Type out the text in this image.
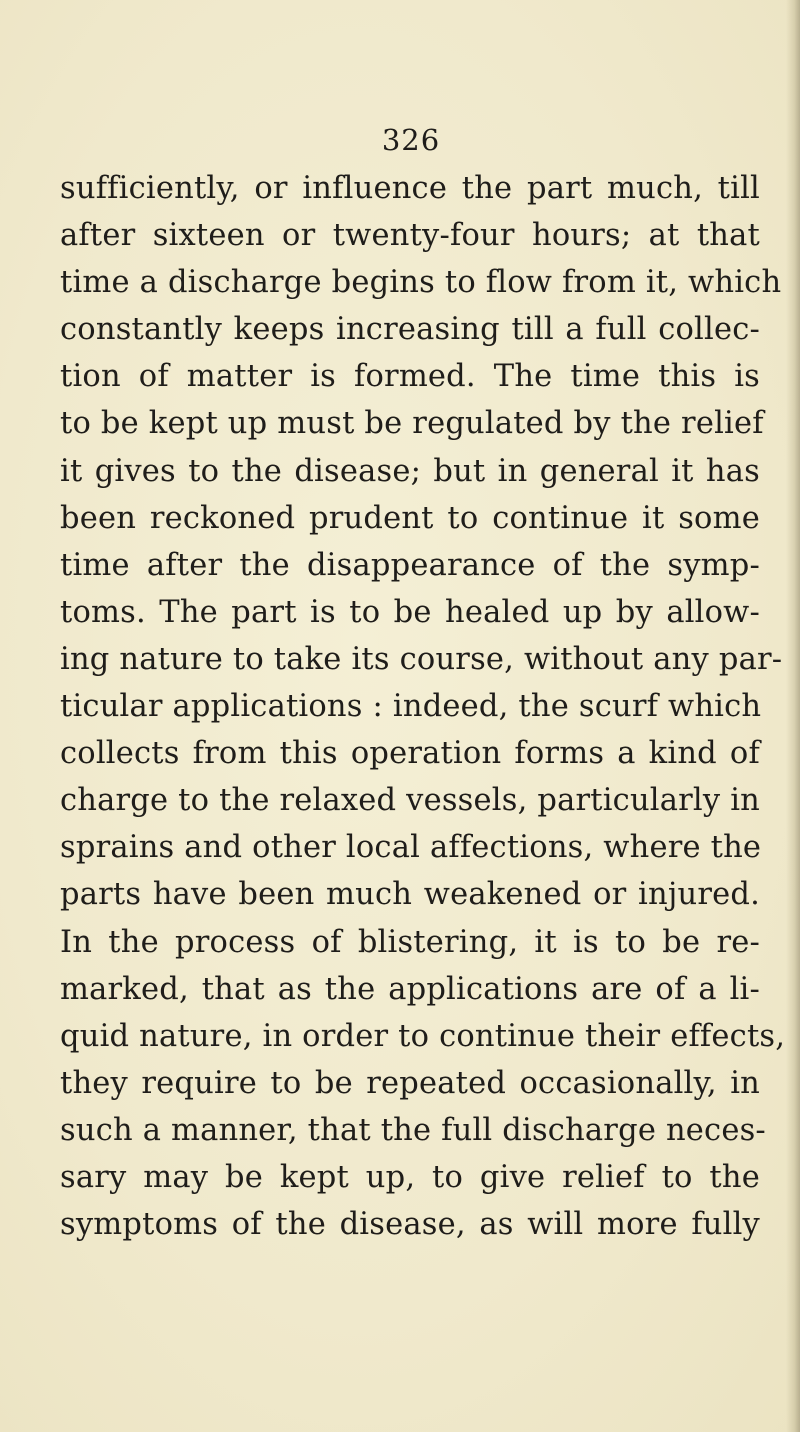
326
sufficiently, or influence the part much, till
after sixteen or twenty-four hours; at that
time a discharge begins to flow from it, which
constantly keeps increasing till a full collec-
tion of matter is formed. The time this is
to be kept up must be regulated by the relief
it gives to the disease; but in general it has
been reckoned prudent to continue it some
time after the disappearance of the symp-
toms. The part is to be healed up by allow-
ing nature to take its course, without any par-
ticular applications : indeed, the scurf which
collects from this operation forms a kind of
charge to the relaxed vessels, particularly in
sprains and other local affections, where the
parts have been much weakened or injured.
In the process of blistering, it is to be re-
marked, that as the applications are of a li-
quid nature, in order to continue their effects,
they require to be repeated occasionally, in
such a manner, that the full discharge neces-
sary may be kept up, to give relief to the
symptoms of the disease, as will more fully
